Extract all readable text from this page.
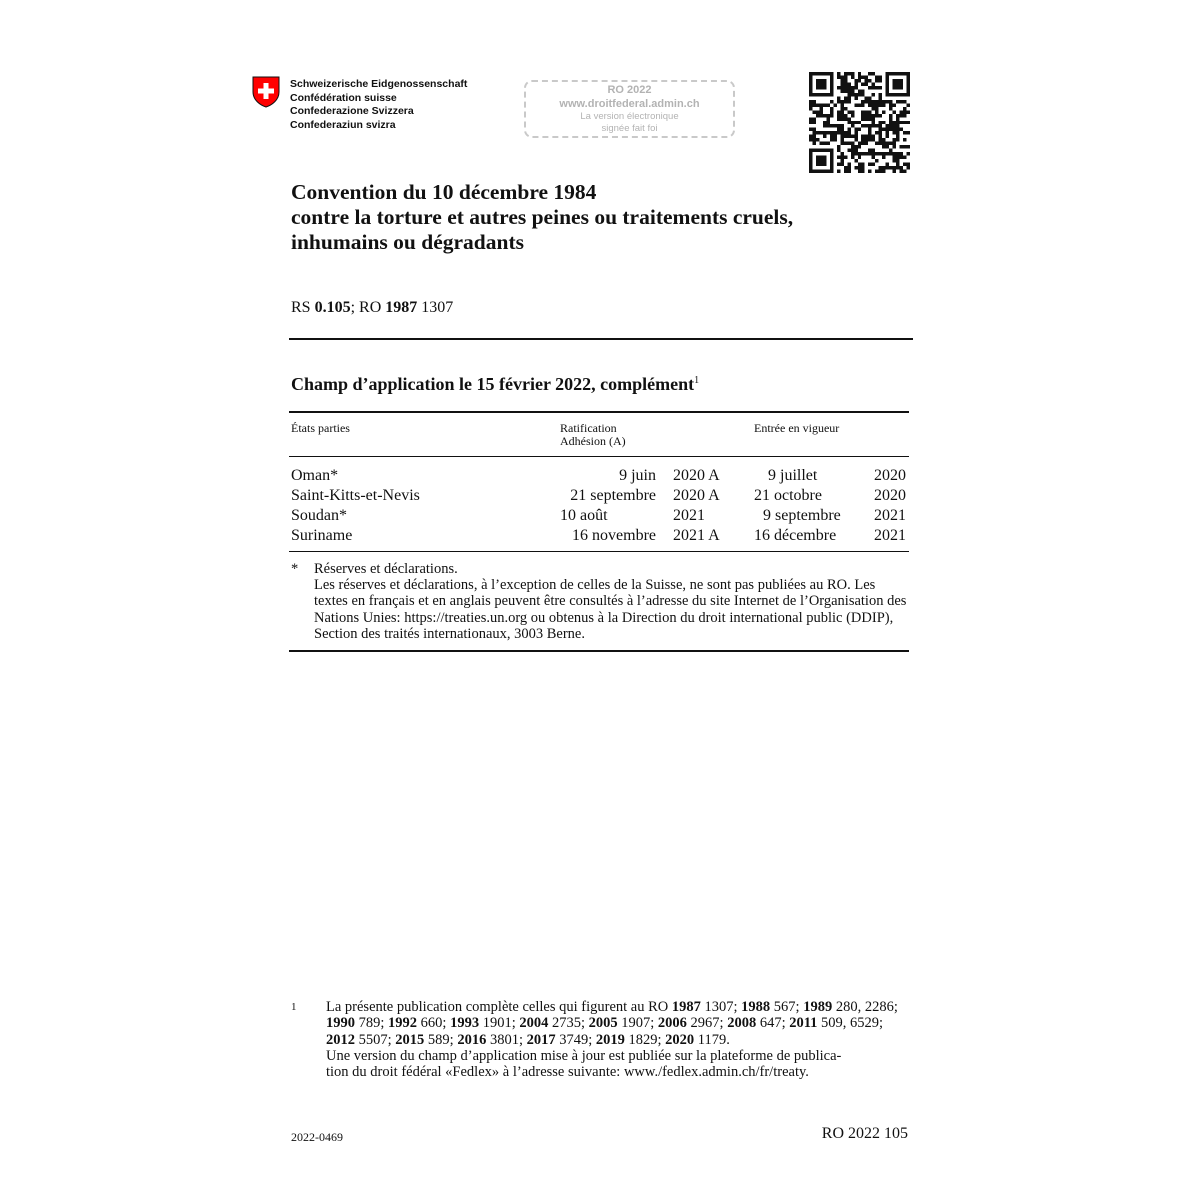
Schweizerische Eidgenossenschaft
Confédération suisse
Confederazione Svizzera
Confederaziun svizra
RO 2022
www.droitfederal.admin.ch
La version électronique
signée fait foi
Convention du 10 décembre 1984
contre la torture et autres peines ou traitements cruels,
inhumains ou dégradants
RS 0.105; RO 1987 1307
Champ d’application le 15 février 2022, complément$^1$
États parties	Ratification
Adhésion (A)
Entrée en vigueur
Oman*	9 juin 2020 A	9 juillet	2020
Saint-Kitts-et-Nevis	21 septembre 2020 A 21 octobre	2020
Soudan*	10 août	2021	9 septembre 2021
Suriname	16 novembre 2021 A 16 décembre 2021
* Réserves et déclarations.
Les réserves et déclarations, à l’exception de celles de la Suisse, ne sont pas publiées au RO. Les textes en français et en anglais peuvent être consultés à l’adresse du site Internet de l’Organisation des Nations Unies: https://treaties.un.org ou obtenus à la Direction du droit international public (DDIP), Section des traités internationaux, 3003 Berne.
1 La présente publication complète celles qui figurent au RO 1987 1307; 1988 567; 1989 280, 2286; 1990 789; 1992 660; 1993 1901; 2004 2735; 2005 1907; 2006 2967; 2008 647; 2011 509, 6529; 2012 5507; 2015 589; 2016 3801; 2017 3749; 2019 1829; 2020 1179.
Une version du champ d’application mise à jour est publiée sur la plateforme de publica-
tion du droit fédéral «Fedlex» à l’adresse suivante: www./fedlex.admin.ch/fr/treaty.
2022-0469	RO 2022 105
